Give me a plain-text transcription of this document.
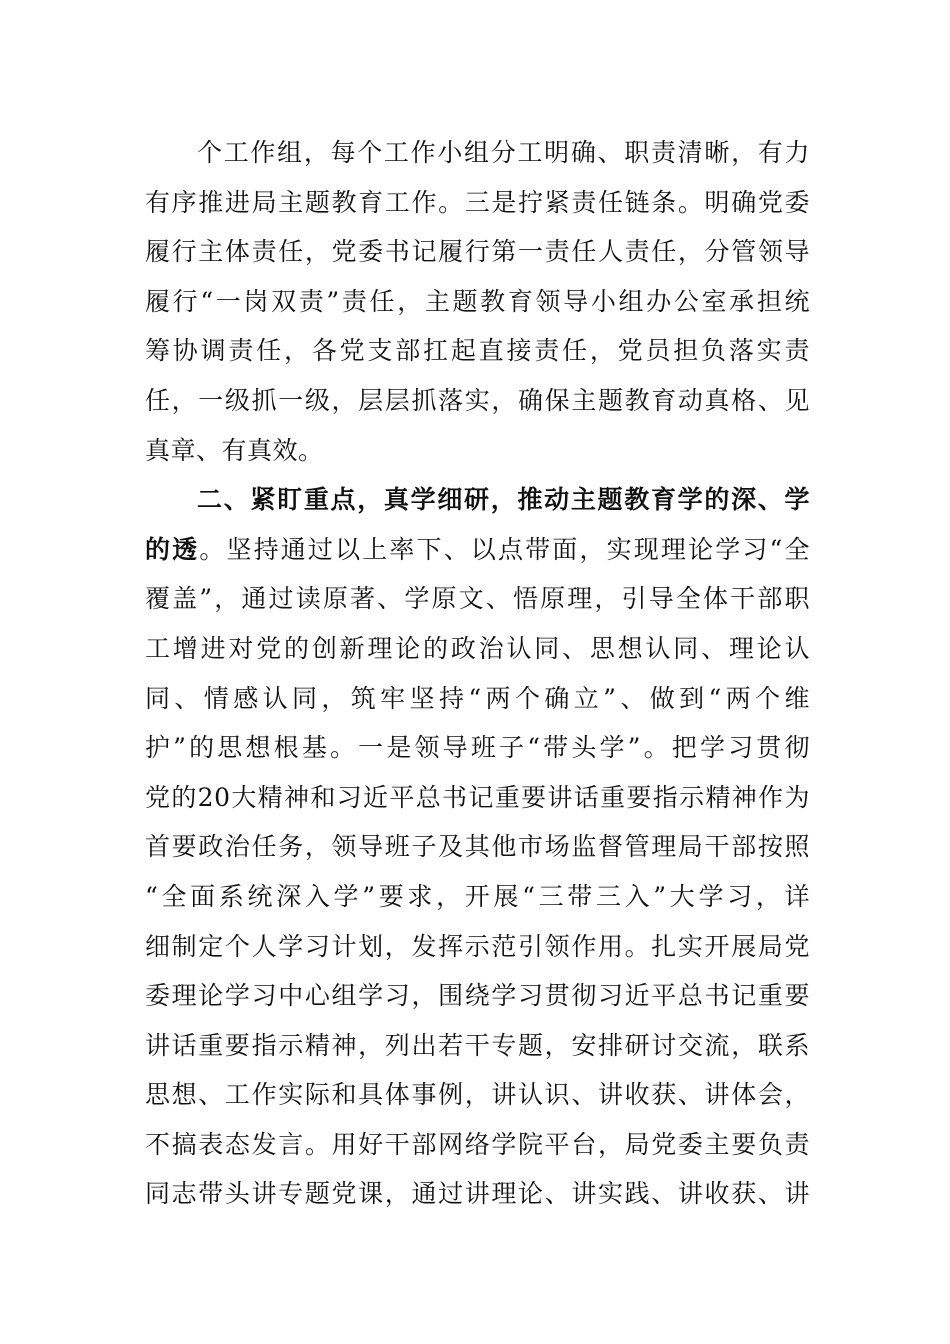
个工作组，每个工作小组分工明确、职责清晰，有力
有序推进局主题教育工作。三是拧紧责任链条。明确党委
履行主体责任，党委书记履行第一责任人责任，分管领导
履行“一岗双责”责任，主题教育领导小组办公室承担统
筹协调责任，各党支部扛起直接责任，党员担负落实责
任，一级抓一级，层层抓落实，确保主题教育动真格、见
真章、有真效。
二、紧盯重点，真学细研，推动主题教育学的深、学
的透。坚持通过以上率下、以点带面，实现理论学习“全
覆盖”，通过读原著、学原文、悟原理，引导全体干部职
工增进对党的创新理论的政治认同、思想认同、理论认
同、情感认同，筑牢坚持“两个确立”、做到“两个维
护”的思想根基。一是领导班子“带头学”。把学习贯彻
党的20大精神和习近平总书记重要讲话重要指示精神作为
首要政治任务，领导班子及其他市场监督管理局干部按照
“全面系统深入学”要求，开展“三带三入”大学习，详
细制定个人学习计划，发挥示范引领作用。扎实开展局党
委理论学习中心组学习，围绕学习贯彻习近平总书记重要
讲话重要指示精神，列出若干专题，安排研讨交流，联系
思想、工作实际和具体事例，讲认识、讲收获、讲体会，
不搞表态发言。用好干部网络学院平台，局党委主要负责
同志带头讲专题党课，通过讲理论、讲实践、讲收获、讲
